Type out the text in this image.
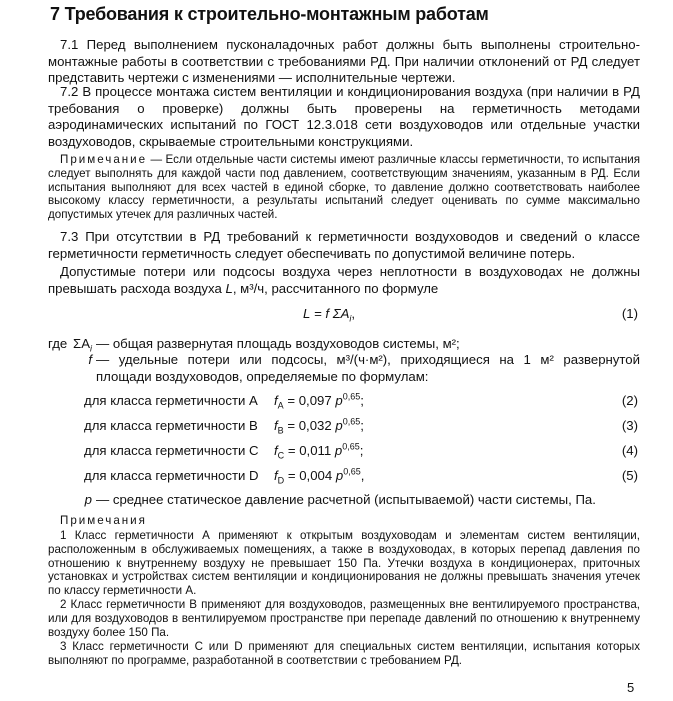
7 Требования к строительно-монтажным работам
7.1 Перед выполнением пусконаладочных работ должны быть выполнены строительно-монтажные работы в соответствии с требованиями РД. При наличии отклонений от РД следует представить чертежи с изменениями — исполнительные чертежи.
7.2 В процессе монтажа систем вентиляции и кондиционирования воздуха (при наличии в РД требования о проверке) должны быть проверены на герметичность методами аэродинамических испытаний по ГОСТ 12.3.018 сети воздуховодов или отдельные участки воздуховодов, скрываемые строительными конструкциями.
Примечание — Если отдельные части системы имеют различные классы герметичности, то испытания следует выполнять для каждой части под давлением, соответствующим значениям, указанным в РД. Если испытания выполняют для всех частей в единой сборке, то давление должно соответствовать наиболее высокому классу герметичности, а результаты испытаний следует оценивать по сумме максимально допустимых утечек для различных частей.
7.3 При отсутствии в РД требований к герметичности воздуховодов и сведений о классе герметичности герметичность следует обеспечивать по допустимой величине потерь.
Допустимые потери или подсосы воздуха через неплотности в воздуховодах не должны превышать расхода воздуха L, м³/ч, рассчитанного по формуле
L = f $\Sigma A_i$,	(1)
где $\Sigma A_i$ — общая развернутая площадь воздуховодов системы, м²;
f — удельные потери или подсосы, м³/(ч·м²), приходящиеся на 1 м² развернутой площади воздуховодов, определяемые по формулам:
для класса герметичности А $f_А = 0,097$ $p^{0,65}$;	(2)
для класса герметичности В $f_В = 0,032$ $p^{0,65}$;	(3)
для класса герметичности С $f_С = 0,011$ $p^{0,65}$;	(4)
для класса герметичности D $f_D = 0,004$ $p^{0,65}$,	(5)
p — среднее статическое давление расчетной (испытываемой) части системы, Па.
Примечания
1 Класс герметичности А применяют к открытым воздуховодам и элементам систем вентиляции, расположенным в обслуживаемых помещениях, а также в воздуховодах, в которых перепад давления по отношению к внутреннему воздуху не превышает 150 Па. Утечки воздуха в кондиционерах, приточных установках и устройствах систем вентиляции и кондиционирования не должны превышать значения утечек по классу герметичности А.
2 Класс герметичности В применяют для воздуховодов, размещенных вне вентилируемого пространства, или для воздуховодов в вентилируемом пространстве при перепаде давлений по отношению к внутреннему воздуху более 150 Па.
3 Класс герметичности С или D применяют для специальных систем вентиляции, испытания которых выполняют по программе, разработанной в соответствии с требованием РД.
5
